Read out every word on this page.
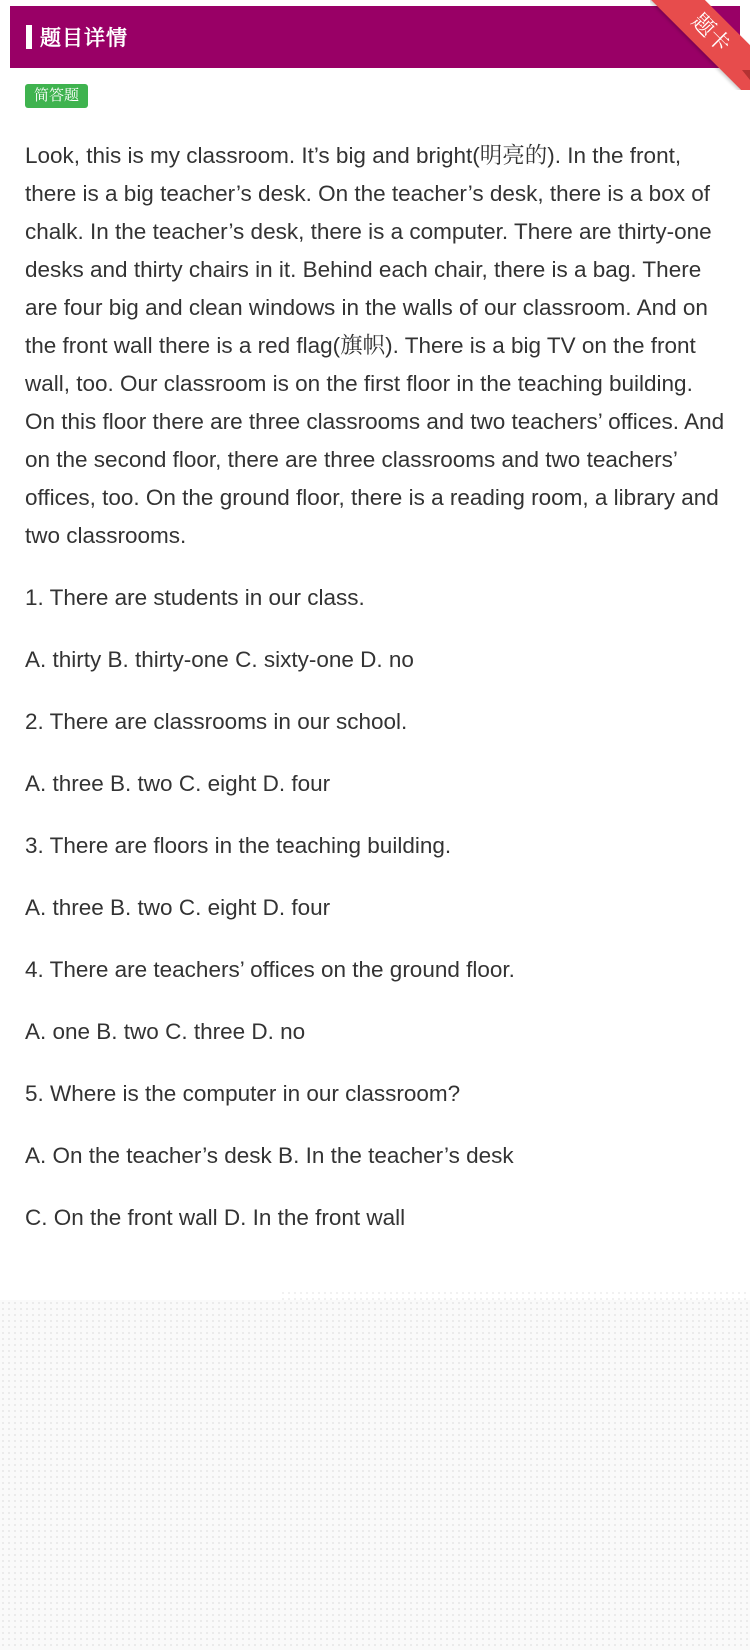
题目详情	题卡
简答题

Look, this is my classroom. It’s big and bright(明亮的). In the front, there is a big teacher’s desk. On the teacher’s desk, there is a box of chalk. In the teacher’s desk, there is a computer. There are thirty-one desks and thirty chairs in it. Behind each chair, there is a bag. There are four big and clean windows in the walls of our classroom. And on the front wall there is a red flag(旗帜). There is a big TV on the front wall, too. Our classroom is on the first floor in the teaching building. On this floor there are three classrooms and two teachers’ offices. And on the second floor, there are three classrooms and two teachers’ offices, too. On the ground floor, there is a reading room, a library and two classrooms.

1. There are students in our class.

A. thirty B. thirty-one C. sixty-one D. no

2. There are classrooms in our school.

A. three B. two C. eight D. four

3. There are floors in the teaching building.

A. three B. two C. eight D. four

4. There are teachers’ offices on the ground floor.

A. one B. two C. three D. no

5. Where is the computer in our classroom?

A. On the teacher’s desk B. In the teacher’s desk

C. On the front wall D. In the front wall
